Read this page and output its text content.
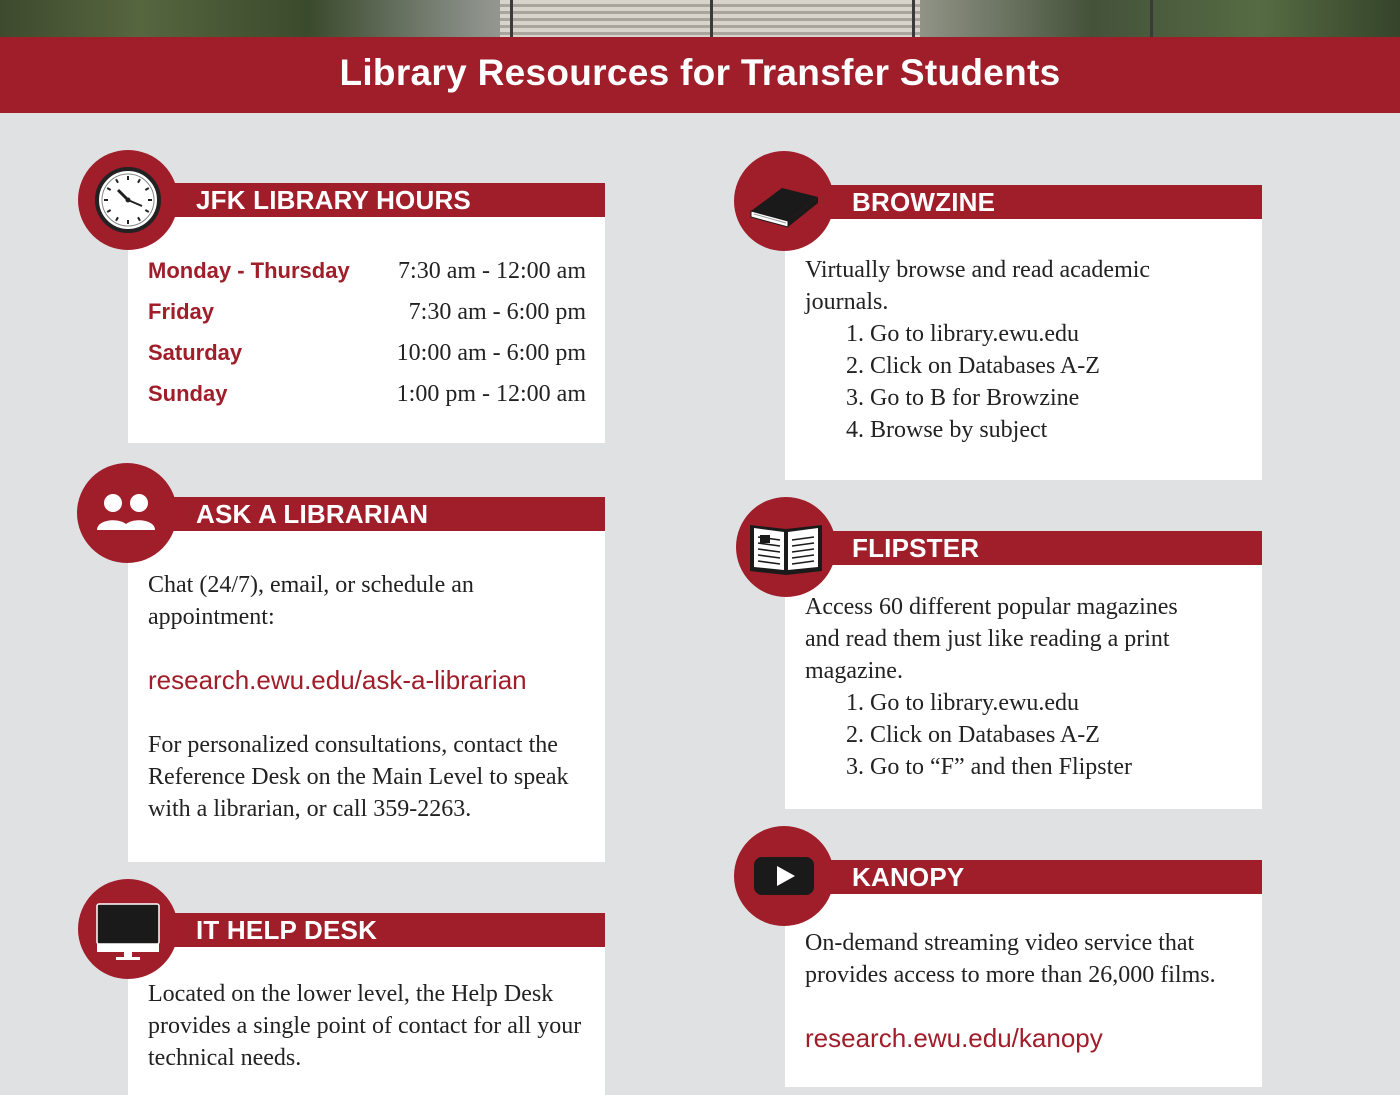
Library Resources for Transfer Students
JFK LIBRARY HOURS
Monday - Thursday 7:30 am - 12:00 am
Friday	7:30 am - 6:00 pm
Saturday	10:00 am - 6:00 pm
Sunday	1:00 pm - 12:00 am
ASK A LIBRARIAN
Chat (24/7), email, or schedule an appointment:
research.ewu.edu/ask-a-librarian
For personalized consultations, contact the Reference Desk on the Main Level to speak with a librarian, or call 359-2263.
IT HELP DESK
Located on the lower level, the Help Desk provides a single point of contact for all your technical needs.
BROWZINE
Virtually browse and read academic journals.
1. Go to library.ewu.edu
2. Click on Databases A-Z
3. Go to B for Browzine
4. Browse by subject
FLIPSTER
Access 60 different popular magazines and read them just like reading a print magazine.
1. Go to library.ewu.edu
2. Click on Databases A-Z
3. Go to “F” and then Flipster
KANOPY
On-demand streaming video service that provides access to more than 26,000 films.
research.ewu.edu/kanopy
